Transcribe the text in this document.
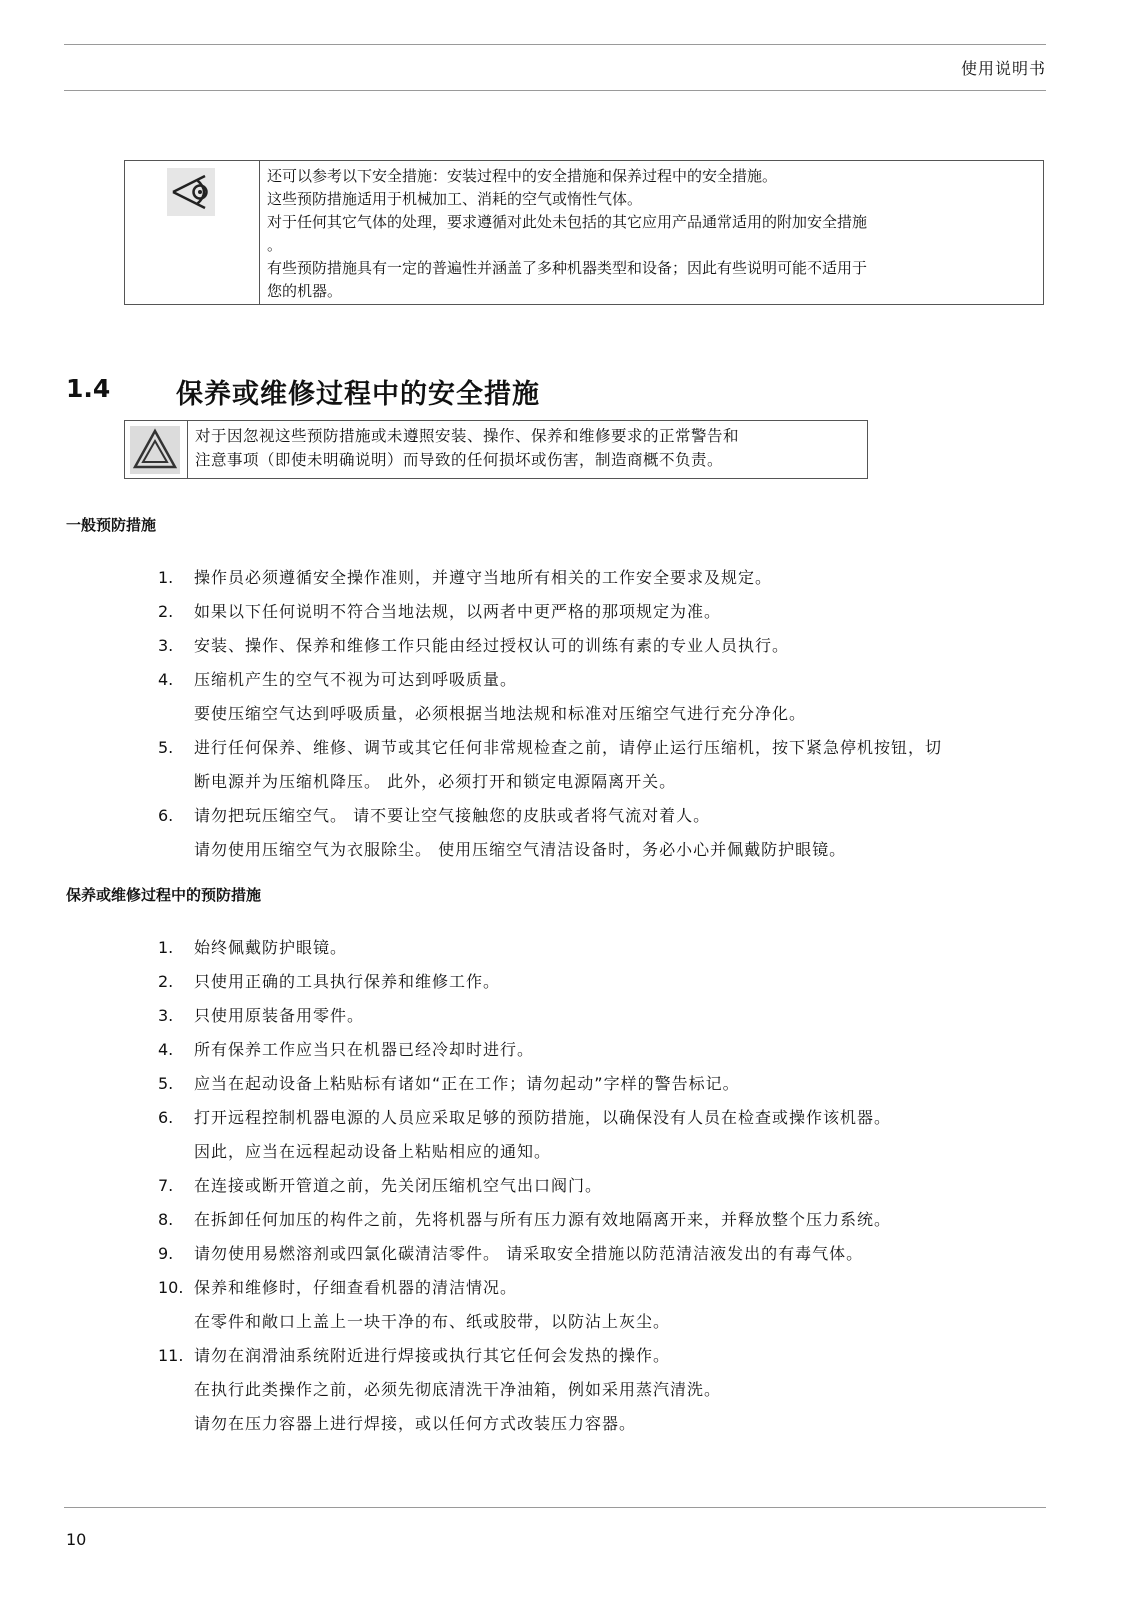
使用说明书
还可以参考以下安全措施：安装过程中的安全措施和保养过程中的安全措施。
这些预防措施适用于机械加工、消耗的空气或惰性气体。
对于任何其它气体的处理，要求遵循对此处未包括的其它应用产品通常适用的附加安全措施
。
有些预防措施具有一定的普遍性并涵盖了多种机器类型和设备；因此有些说明可能不适用于
您的机器。
1.4 保养或维修过程中的安全措施
对于因忽视这些预防措施或未遵照安装、操作、保养和维修要求的正常警告和
注意事项（即使未明确说明）而导致的任何损坏或伤害，制造商概不负责。
一般预防措施
1. 操作员必须遵循安全操作准则，并遵守当地所有相关的工作安全要求及规定。
2. 如果以下任何说明不符合当地法规，以两者中更严格的那项规定为准。
3. 安装、操作、保养和维修工作只能由经过授权认可的训练有素的专业人员执行。
4. 压缩机产生的空气不视为可达到呼吸质量。
要使压缩空气达到呼吸质量，必须根据当地法规和标准对压缩空气进行充分净化。
5. 进行任何保养、维修、调节或其它任何非常规检查之前，请停止运行压缩机，按下紧急停机按钮，切
断电源并为压缩机降压。 此外，必须打开和锁定电源隔离开关。
6. 请勿把玩压缩空气。 请不要让空气接触您的皮肤或者将气流对着人。
请勿使用压缩空气为衣服除尘。 使用压缩空气清洁设备时，务必小心并佩戴防护眼镜。
保养或维修过程中的预防措施
1. 始终佩戴防护眼镜。
2. 只使用正确的工具执行保养和维修工作。
3. 只使用原装备用零件。
4. 所有保养工作应当只在机器已经冷却时进行。
5. 应当在起动设备上粘贴标有诸如“正在工作；请勿起动”字样的警告标记。
6. 打开远程控制机器电源的人员应采取足够的预防措施，以确保没有人员在检查或操作该机器。
因此，应当在远程起动设备上粘贴相应的通知。
7. 在连接或断开管道之前，先关闭压缩机空气出口阀门。
8. 在拆卸任何加压的构件之前，先将机器与所有压力源有效地隔离开来，并释放整个压力系统。
9. 请勿使用易燃溶剂或四氯化碳清洁零件。 请采取安全措施以防范清洁液发出的有毒气体。
10. 保养和维修时，仔细查看机器的清洁情况。
在零件和敞口上盖上一块干净的布、纸或胶带，以防沾上灰尘。
11. 请勿在润滑油系统附近进行焊接或执行其它任何会发热的操作。
在执行此类操作之前，必须先彻底清洗干净油箱，例如采用蒸汽清洗。
请勿在压力容器上进行焊接，或以任何方式改装压力容器。
10
